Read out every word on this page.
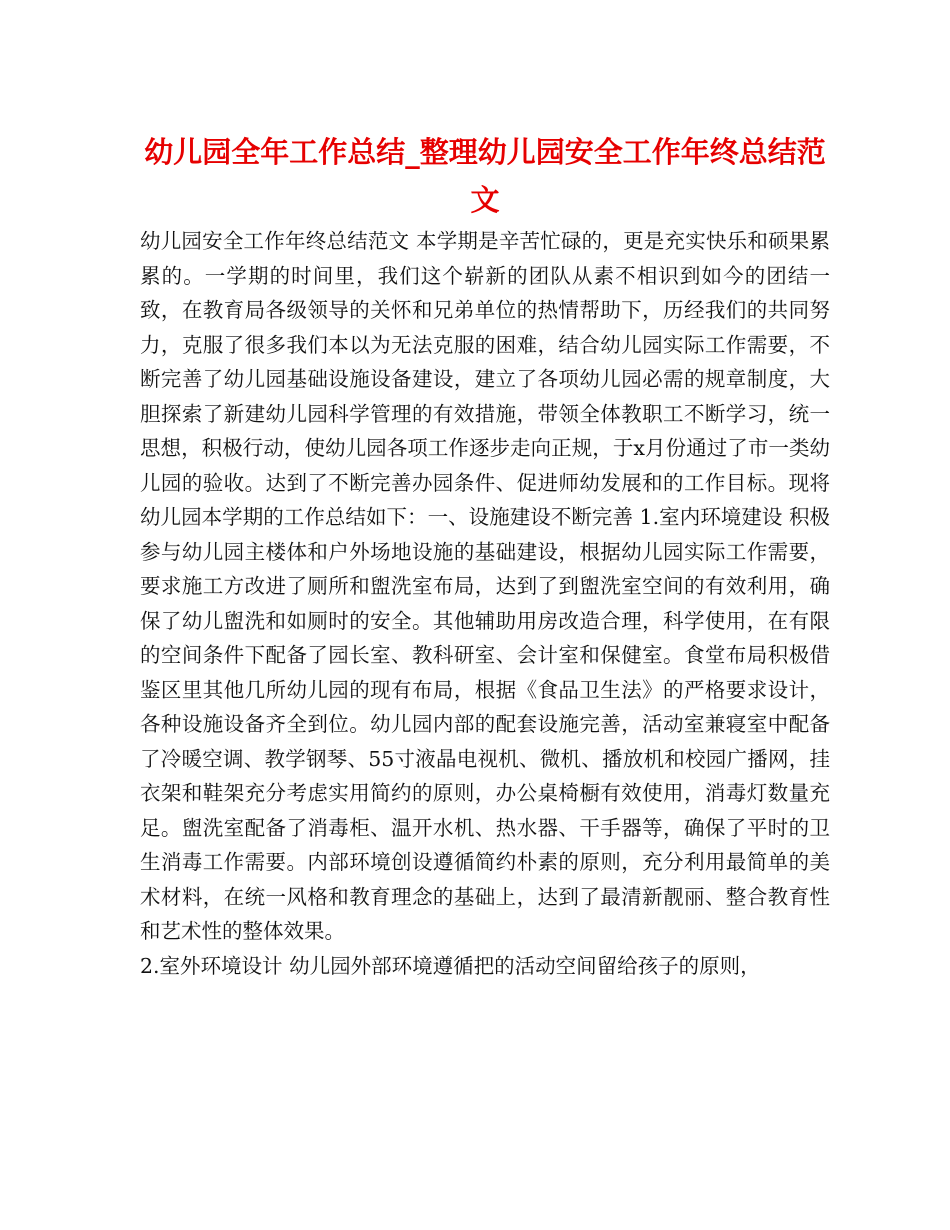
幼儿园全年工作总结_整理幼儿园安全工作年终总结范文

幼儿园安全工作年终总结范文 本学期是辛苦忙碌的，更是充实快乐和硕果累累的。一学期的时间里，我们这个崭新的团队从素不相识到如今的团结一致，在教育局各级领导的关怀和兄弟单位的热情帮助下，历经我们的共同努力，克服了很多我们本以为无法克服的困难，结合幼儿园实际工作需要，不断完善了幼儿园基础设施设备建设，建立了各项幼儿园必需的规章制度，大胆探索了新建幼儿园科学管理的有效措施，带领全体教职工不断学习，统一思想，积极行动，使幼儿园各项工作逐步走向正规，于x月份通过了市一类幼儿园的验收。达到了不断完善办园条件、促进师幼发展和的工作目标。现将幼儿园本学期的工作总结如下：一、设施建设不断完善 1.室内环境建设 积极参与幼儿园主楼体和户外场地设施的基础建设，根据幼儿园实际工作需要，要求施工方改进了厕所和盥洗室布局，达到了到盥洗室空间的有效利用，确保了幼儿盥洗和如厕时的安全。其他辅助用房改造合理，科学使用，在有限的空间条件下配备了园长室、教科研室、会计室和保健室。食堂布局积极借鉴区里其他几所幼儿园的现有布局，根据《食品卫生法》的严格要求设计，各种设施设备齐全到位。幼儿园内部的配套设施完善，活动室兼寝室中配备了冷暖空调、教学钢琴、55寸液晶电视机、微机、播放机和校园广播网，挂衣架和鞋架充分考虑实用简约的原则，办公桌椅橱有效使用，消毒灯数量充足。盥洗室配备了消毒柜、温开水机、热水器、干手器等，确保了平时的卫生消毒工作需要。内部环境创设遵循简约朴素的原则，充分利用最简单的美术材料，在统一风格和教育理念的基础上，达到了最清新靓丽、整合教育性和艺术性的整体效果。

2.室外环境设计 幼儿园外部环境遵循把的活动空间留给孩子的原则，
